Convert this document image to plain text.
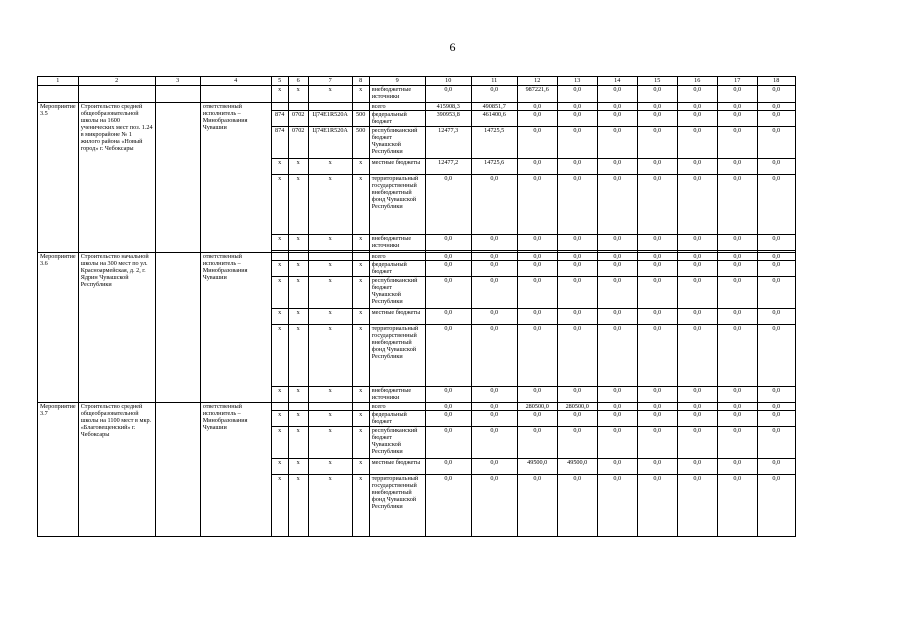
6
1	2	3	4	5	6	7	8	9	10	11	12	13	14	15	16	17	18
				х	х	х	х	внебюджетные источники	0,0	0,0	987221,6	0,0	0,0	0,0	0,0	0,0	0,0
Мероприятие 3.5	Строительство средней общеобразовательной школы на 1600 ученических мест поз. 1.24 в микрорайоне № 1 жилого района «Новый город» г. Чебоксары		ответственный исполнитель – Минобразования Чувашии					всего	415908,3	490851,7	0,0	0,0	0,0	0,0	0,0	0,0	0,0
				874	0702	Ц74Е1R520А	500	федеральный бюджет	390953,8	461400,6	0,0	0,0	0,0	0,0	0,0	0,0	0,0
				874	0702	Ц74Е1R520А	500	республиканский бюджет Чувашской Республики	12477,3	14725,5	0,0	0,0	0,0	0,0	0,0	0,0	0,0
				х	х	х	х	местные бюджеты	12477,2	14725,6	0,0	0,0	0,0	0,0	0,0	0,0	0,0
				х	х	х	х	территориальный государственный внебюджетный фонд Чувашской Республики	0,0	0,0	0,0	0,0	0,0	0,0	0,0	0,0	0,0
				х	х	х	х	внебюджетные источники	0,0	0,0	0,0	0,0	0,0	0,0	0,0	0,0	0,0

Мероприятие 3.6	Строительство начальной школы на 300 мест по ул. Красноармейская, д. 2, г. Ядрин Чувашской Республики		ответственный исполнитель – Минобразования Чувашии					всего	0,0	0,0	0,0	0,0	0,0	0,0	0,0	0,0	0,0
				х	х	х	х	федеральный бюджет	0,0	0,0	0,0	0,0	0,0	0,0	0,0	0,0	0,0
				х	х	х	х	республиканский бюджет Чувашской Республики	0,0	0,0	0,0	0,0	0,0	0,0	0,0	0,0	0,0
				х	х	х	х	местные бюджеты	0,0	0,0	0,0	0,0	0,0	0,0	0,0	0,0	0,0
				х	х	х	х	территориальный государственный внебюджетный фонд Чувашской Республики	0,0	0,0	0,0	0,0	0,0	0,0	0,0	0,0	0,0
				х	х	х	х	внебюджетные источники	0,0	0,0	0,0	0,0	0,0	0,0	0,0	0,0	0,0
Мероприятие 3.7	Строительство средней общеобразовательной школы на 1100 мест в мкр. «Благовещенский» г. Чебоксары		ответственный исполнитель – Минобразования Чувашии					всего	0,0	0,0	280500,0	280500,0	0,0	0,0	0,0	0,0	0,0
				х	х	х	х	федеральный бюджет	0,0	0,0	0,0	0,0	0,0	0,0	0,0	0,0	0,0
				х	х	х	х	республиканский бюджет Чувашской Республики	0,0	0,0	0,0	0,0	0,0	0,0	0,0	0,0	0,0
				х	х	х	х	местные бюджеты	0,0	0,0	49500,0	49500,0	0,0	0,0	0,0	0,0	0,0
				х	х	х	х	территориальный государственный внебюджетный фонд Чувашской Республики	0,0	0,0	0,0	0,0	0,0	0,0	0,0	0,0	0,0
